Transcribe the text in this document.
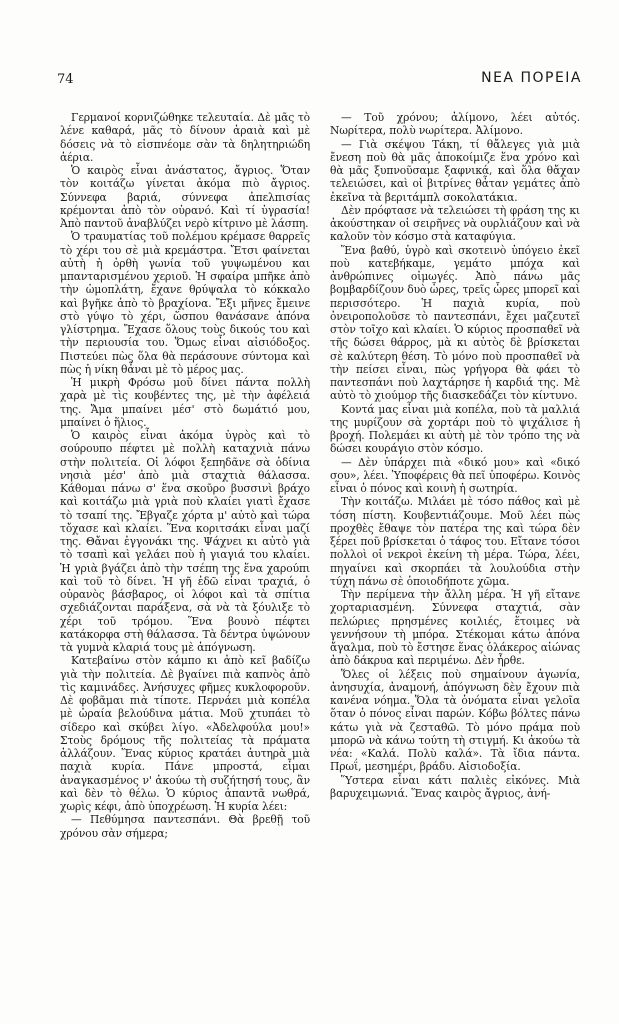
74	ΝΕΑ ΠΟΡΕΙΑ

Γερμανοί κορνιζώθηκε τελευταία. Δὲ μᾶς τὸ λένε καθαρά, μᾶς τὸ δίνουν ἀραιὰ καὶ μὲ δόσεις νὰ τὸ εἰσπνέομε σὰν τὰ δηλητηριώδη ἀέρια.

Ὁ καιρὸς εἶναι ἀνάστατος, ἄγριος. Ὅταν τὸν κοιτάζω γίνεται ἀκόμα πιὸ ἄγριος. Σύννεφα βαριά, σύννεφα ἀπελπισίας κρέμονται ἀπὸ τὸν οὐρανό. Καὶ τί ὑγρασία! Ἀπὸ παντοῦ ἀναβλύζει νερὸ κίτρινο μὲ λάσπη.

Ὁ τραυματίας τοῦ πολέμου κρέμασε θαρρεῖς τὸ χέρι του σὲ μιὰ κρεμάστρα. Ἔτσι φαίνεται αὐτὴ ἡ ὀρθὴ γωνία τοῦ γυψωμένου και μπανταρισμένου χεριοῦ. Ἡ σφαίρα μπῆκε ἀπὸ τὴν ὠμοπλάτη, ἔχανε θρύψαλα τὸ κόκκαλο καὶ βγῆκε ἀπὸ τὸ βραχίονα. Ἔξι μῆνες ἔμεινε στὸ γύψο τὸ χέρι, ὥσπου θανάσανε ἀπόνα γλίστρημα. Ἔχασε ὅλους τοὺς δικούς του καὶ τὴν περιουσία του. Ὅμως εἶναι αἰσιόδοξος. Πιστεύει πὼς ὅλα θὰ περάσουνε σύντομα καὶ πὼς ἡ νίκη θἆναι μὲ τὸ μέρος μας.

Ἡ μικρὴ Φρόσω μοῦ δίνει πάντα πολλὴ χαρὰ μὲ τὶς κουβέντες της, μὲ τὴν ἀφέλειά της. Ἄμα μπαίνει μέσ' στὸ δωμάτιό μου, μπαίνει ὁ ἥλιος.

Ὁ καιρὸς εἶναι ἀκόμα ὑγρὸς καὶ τὸ σούρουπο πέφτει μὲ πολλὴ καταχνιὰ πάνω στὴν πολιτεία. Οἱ λόφοι ξεπηδᾶνε σὰ ὀδίνια νησιὰ μέσ' ἀπὸ μιὰ σταχτιὰ θάλασσα. Κάθομαι πάνω σ' ἕνα σκοῦρο βυσσινὶ βράχο καὶ κοιτάζω μιὰ γριὰ ποὺ κλαίει γιατὶ ἔχασε τὸ τσαπί της. Ἔβγαζε χόρτα μ' αὐτὸ καὶ τώρα τὄχασε καὶ κλαίει. Ἕνα κοριτσάκι εἶναι μαζί της. Θἄναι ἐγγονάκι της. Ψάχνει κι αὐτὸ γιὰ τὸ τσαπὶ καὶ γελάει ποὺ ἡ γιαγιά του κλαίει. Ἡ γριὰ βγάζει ἀπὸ τὴν τσέπη της ἕνα χαρούπι καὶ τοῦ τὸ δίνει. Ἡ γῆ ἐδῶ εἶναι τραχιά, ὁ οὐρανὸς βάσβαρος, οἱ λόφοι καὶ τὰ σπίτια σχεδιάζονται παράξενα, σὰ νὰ τὰ ξόυλιξε τὸ χέρι τοῦ τρόμου. Ἕνα βουνὸ πέφτει κατάκορφα στὴ θάλασσα. Τὰ δέντρα ὑψώνουν τὰ γυμνὰ κλαριά τους μὲ ἀπόγνωση.

Κατεβαίνω στὸν κάμπο κι ἀπὸ κεῖ βαδίζω γιὰ τὴν πολιτεία. Δὲ βγαίνει πιὰ καπνὸς ἀπὸ τὶς καμινάδες. Ἀνήσυχες φῆμες κυκλοφοροῦν. Δὲ φοβᾶμαι πιὰ τίποτε. Περνάει μιὰ κοπέλα μὲ ὡραία βελούδινα μάτια. Μοῦ χτυπάει τὸ σίδερο καὶ σκύβει λίγο. «Ἀδελφούλα μου!» Στοὺς δρόμους τῆς πολιτείας τὰ πράματα ἀλλάζουν. Ἕνας κύριος κρατάει ἀυτηρὰ μιὰ παχιὰ κυρία. Πάνε μπροστά, εἶμαι ἀναγκασμένος ν' ἀκούω τὴ συζήτησή τους, ἂν καὶ δὲν τὸ θέλω. Ὁ κύριος ἀπαντᾶ νωθρά, χωρὶς κέφι, ἀπὸ ὑποχρέωση. Ἡ κυρία λέει:

— Πεθύμησα παντεσπάνι. Θὰ βρεθῇ τοῦ χρόνου σὰν σήμερα;

— Τοῦ χρόνου; ἀλίμονο, λέει αὐτός. Νωρίτερα, πολὺ νωρίτερα. Ἀλίμονο.

— Γιὰ σκέψου Τάκη, τί θἄλεγες γιὰ μιὰ ἔνεση ποὺ θὰ μᾶς ἀποκοίμιζε ἕνα χρόνο καὶ θὰ μᾶς ξυπνοῦσαμε ξαφνικά, καὶ ὅλα θἄχαν τελειώσει, καὶ οἱ βιτρίνες θἆταν γεμάτες ἀπὸ ἐκεῖνα τὰ βεριτάμπλ σοκολατάκια.

Δὲν πρόφτασε νὰ τελειώσει τὴ φράση της κι ἀκούστηκαν οἱ σειρῆνες νὰ ουρλιάζουν καὶ νὰ καλοῦν τὸν κόσμο στὰ καταφύγια.

Ἕνα βαθύ, ὑγρὸ καὶ σκοτεινὸ ὑπόγειο ἐκεῖ ποὺ κατεβήκαμε, γεμάτο μπόχα καὶ ἀνθρώπινες οἰμωγές. Ἀπὸ πάνω μᾶς βομβαρδίζουν δυὸ ὧρες, τρεῖς ὧρες μπορεῖ καὶ περισσότερο. Ἡ παχιὰ κυρία, ποὺ ὀνειροπολοῦσε τὸ παντεσπάνι, ἔχει μαζευτεῖ στὸν τοῖχο καὶ κλαίει. Ὁ κύριος προσπαθεῖ νὰ τῆς δώσει θάρρος, μὰ κι αὐτὸς δὲ βρίσκεται σὲ καλύτερη θέση. Τὸ μόνο ποὺ προσπαθεῖ νὰ τὴν πείσει εἶναι, πὼς γρήγορα θὰ φάει τὸ παντεσπάνι ποὺ λαχτάρησε ἡ καρδιά της. Μὲ αὐτὸ τὸ χιούμορ τῆς διασκεδάζει τὸν κίντυνο.

Κοντά μας εἶναι μιὰ κοπέλα, ποὺ τὰ μαλλιά της μυρίζουν σὰ χορτάρι ποὺ τὸ ψιχάλισε ἡ βροχή. Πολεμάει κι αὐτὴ μὲ τὸν τρόπο της νὰ δώσει κουράγιο στὸν κόσμο.

— Δὲν ὑπάρχει πιὰ «δικό μου» καὶ «δικό σου», λέει. Ὑποφέρεις θὰ πεῖ ὑποφέρω. Κοινὸς εἶναι ὁ πόνος καὶ κοινὴ ἡ σωτηρία.

Τὴν κοιτάζω. Μιλάει μὲ τόσο πάθος καὶ μὲ τόση πίστη. Κουβεντιάζουμε. Μοῦ λέει πὼς προχθὲς ἔθαψε τὸν πατέρα της καὶ τώρα δὲν ξέρει ποῦ βρίσκεται ὁ τάφος του. Εἴτανε τόσοι πολλοὶ οἱ νεκροὶ ἐκείνη τὴ μέρα. Τώρα, λέει, πηγαίνει καὶ σκορπάει τὰ λουλούδια στὴν τύχη πάνω σὲ ὁποιοδήποτε χῶμα.

Τὴν περίμενα τὴν ἄλλη μέρα. Ἡ γῆ εἴτανε χορταριασμένη. Σύννεφα σταχτιά, σὰν πελώριες πρησμένες κοιλιές, ἕτοιμες νὰ γεννήσουν τὴ μπόρα. Στέκομαι κάτω ἀπόνα ἄγαλμα, ποὺ τὸ ἔστησε ἕνας ὁλάκερος αἰώνας ἀπὸ δάκρυα καὶ περιμένω. Δὲν ἦρθε.

Ὅλες οἱ λέξεις ποὺ σημαίνουν ἀγωνία, ἀνησυχία, ἀναμονή, ἀπόγνωση δὲν ἔχουν πιὰ κανένα νόημα. Ὅλα τὰ ὀνόματα εἶναι γελοῖα ὅταν ὁ πόνος εἶναι παρών. Κόβω βόλτες πάνω κάτω γιὰ νὰ ζεσταθῶ. Τὸ μόνο πράμα ποὺ μπορῶ νὰ κάνω τούτη τὴ στιγμή. Κι ἀκούω τὰ νέα: «Καλά. Πολὺ καλά». Τὰ ἴδια πάντα. Πρωΐ, μεσημέρι, βράδυ. Αἰσιοδοξία.

Ὕστερα εἶναι κάτι παλιὲς εἰκόνες. Μιὰ βαρυχειμωνιά. Ἕνας καιρὸς ἄγριος, ἀνή-
